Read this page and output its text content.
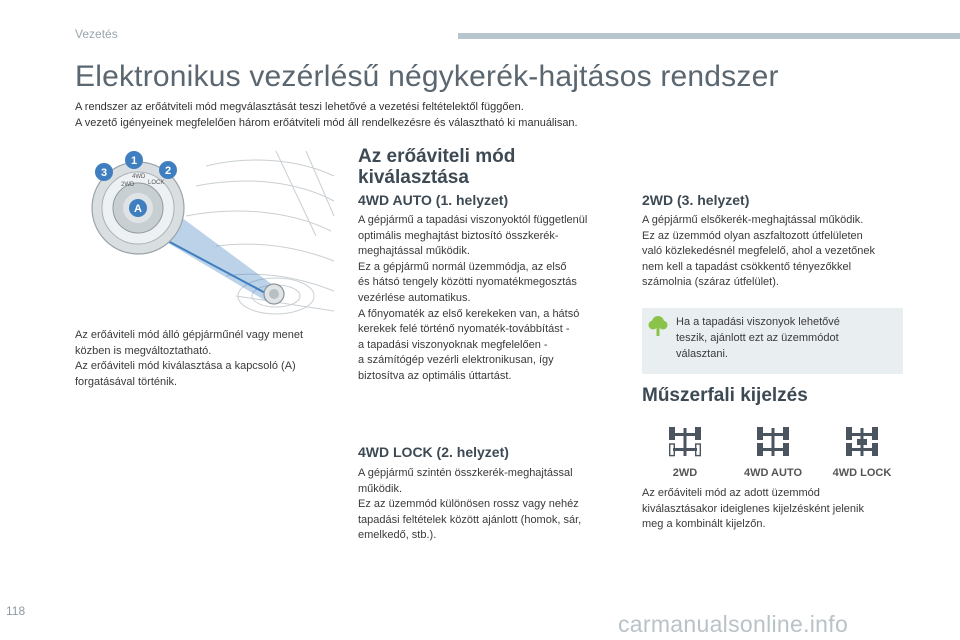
Vezetés
Elektronikus vezérlésű négykerék-hajtásos rendszer

A rendszer az erőátviteli mód megválasztását teszi lehetővé a vezetési feltételektől függően.

A vezető igényeinek megfelelően három erőátviteli mód áll rendelkezésre és választható ki manuálisan.

2WD
4WD
LOCK
1
2
3
A

Az erőáviteli mód álló gépjárműnél vagy menet

közben is megváltoztatható.

Az erőáviteli mód kiválasztása a kapcsoló (A)

forgatásával történik.

Az erőáviteli mód
kiválasztása
4WD AUTO (1. helyzet)

A gépjármű a tapadási viszonyoktól függetlenül

optimális meghajtást biztosító összkerék-

meghajtással működik.

Ez a gépjármű normál üzemmódja, az első

és hátsó tengely közötti nyomatékmegosztás

vezérlése automatikus.

A főnyomaték az első kerekeken van, a hátsó

kerekek felé történő nyomaték-továbbítást -

a tapadási viszonyoknak megfelelően -

a számítógép vezérli elektronikusan, így

biztosítva az optimális úttartást.

4WD LOCK (2. helyzet)

A gépjármű szintén összkerék-meghajtással

működik.

Ez az üzemmód különösen rossz vagy nehéz

tapadási feltételek között ajánlott (homok, sár,

emelkedő, stb.).

2WD (3. helyzet)

A gépjármű elsőkerék-meghajtással működik.

Ez az üzemmód olyan aszfaltozott útfelületen

való közlekedésnél megfelelő, ahol a vezetőnek

nem kell a tapadást csökkentő tényezőkkel

számolnia (száraz útfelület).

Ha a tapadási viszonyok lehetővé
teszik, ajánlott ezt az üzemmódot
választani.
Műszerfali kijelzés
2WD	4WD AUTO	4WD LOCK

Az erőáviteli mód az adott üzemmód

kiválasztásakor ideiglenes kijelzésként jelenik

meg a kombinált kijelzőn.

118	carmanualsonline.info
